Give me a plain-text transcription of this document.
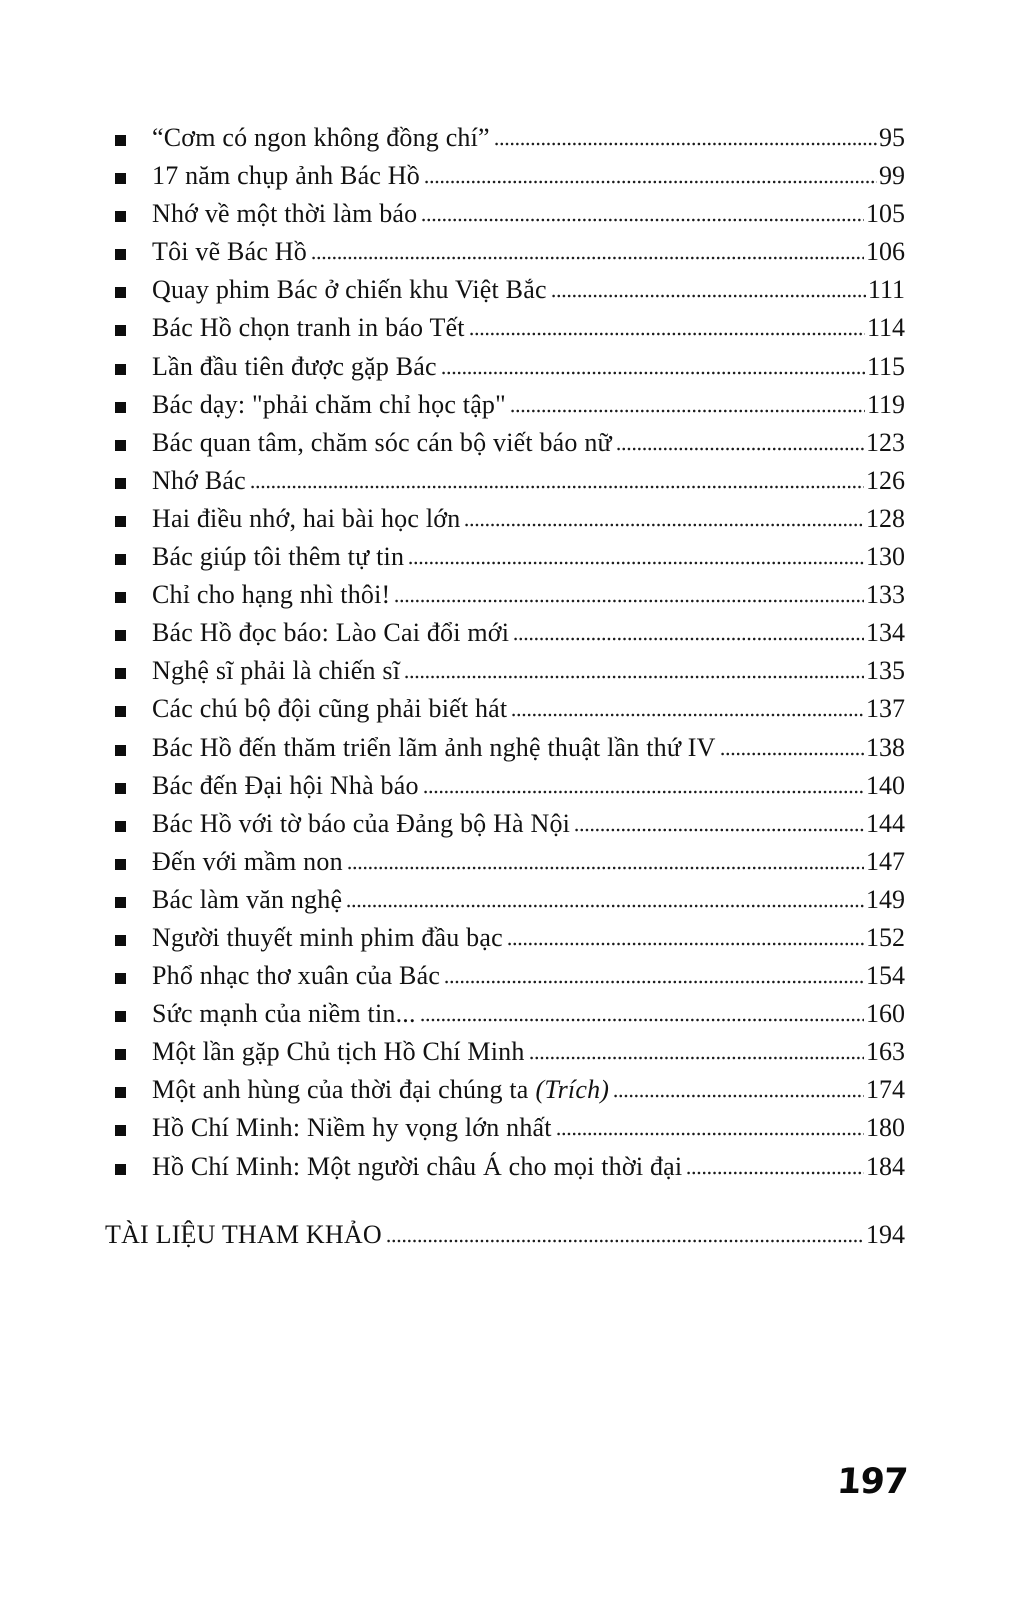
“Cơm có ngon không đồng chí”	95
17 năm chụp ảnh Bác Hồ	99
Nhớ về một thời làm báo	105
Tôi vẽ Bác Hồ	106
Quay phim Bác ở chiến khu Việt Bắc	111
Bác Hồ chọn tranh in báo Tết	114
Lần đầu tiên được gặp Bác	115
Bác dạy: "phải chăm chỉ học tập"	119
Bác quan tâm, chăm sóc cán bộ viết báo nữ	123
Nhớ Bác	126
Hai điều nhớ, hai bài học lớn	128
Bác giúp tôi thêm tự tin	130
Chỉ cho hạng nhì thôi!	133
Bác Hồ đọc báo: Lào Cai đổi mới	134
Nghệ sĩ phải là chiến sĩ	135
Các chú bộ đội cũng phải biết hát	137
Bác Hồ đến thăm triển lãm ảnh nghệ thuật lần thứ IV	138
Bác đến Đại hội Nhà báo	140
Bác Hồ với tờ báo của Đảng bộ Hà Nội	144
Đến với mầm non	147
Bác làm văn nghệ	149
Người thuyết minh phim đầu bạc	152
Phổ nhạc thơ xuân của Bác	154
Sức mạnh của niềm tin...	160
Một lần gặp Chủ tịch Hồ Chí Minh	163
Một anh hùng của thời đại chúng ta (Trích)	174
Hồ Chí Minh: Niềm hy vọng lớn nhất	180
Hồ Chí Minh: Một người châu Á cho mọi thời đại	184
TÀI LIỆU THAM KHẢO	194
197
